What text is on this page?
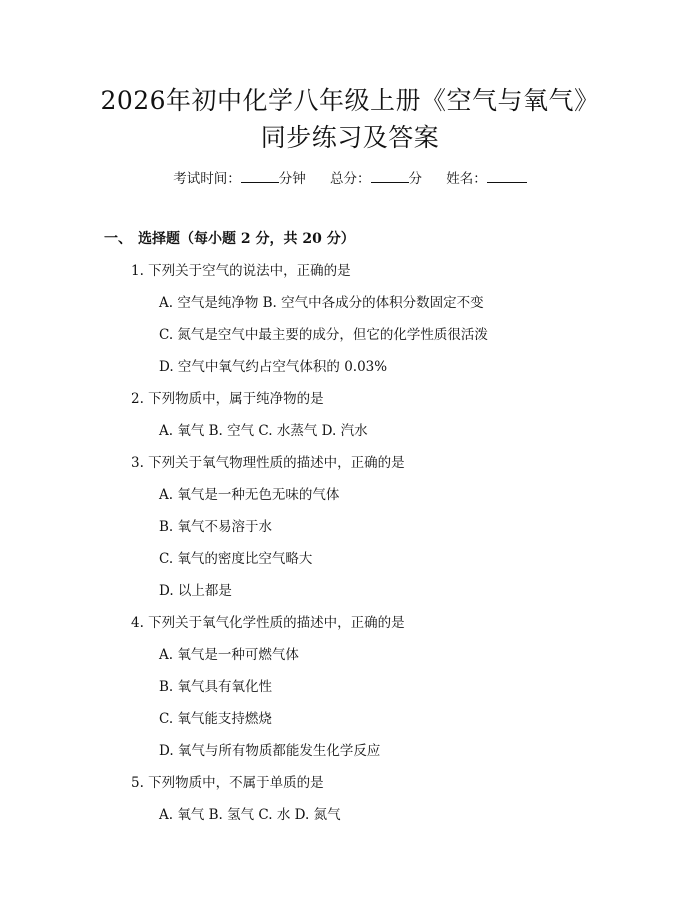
2026年初中化学八年级上册《空气与氧气》
同步练习及答案
考试时间：	分钟 总分：	分 姓名：
一、 选择题（每小题 2 分，共 20 分）
1. 下列关于空气的说法中，正确的是
A. 空气是纯净物 B. 空气中各成分的体积分数固定不变
C. 氮气是空气中最主要的成分，但它的化学性质很活泼
D. 空气中氧气约占空气体积的 0.03%
2. 下列物质中，属于纯净物的是
A. 氧气 B. 空气 C. 水蒸气 D. 汽水
3. 下列关于氧气物理性质的描述中，正确的是
A. 氧气是一种无色无味的气体
B. 氧气不易溶于水
C. 氧气的密度比空气略大
D. 以上都是
4. 下列关于氧气化学性质的描述中，正确的是
A. 氧气是一种可燃气体
B. 氧气具有氧化性
C. 氧气能支持燃烧
D. 氧气与所有物质都能发生化学反应
5. 下列物质中，不属于单质的是
A. 氧气 B. 氢气 C. 水 D. 氮气
